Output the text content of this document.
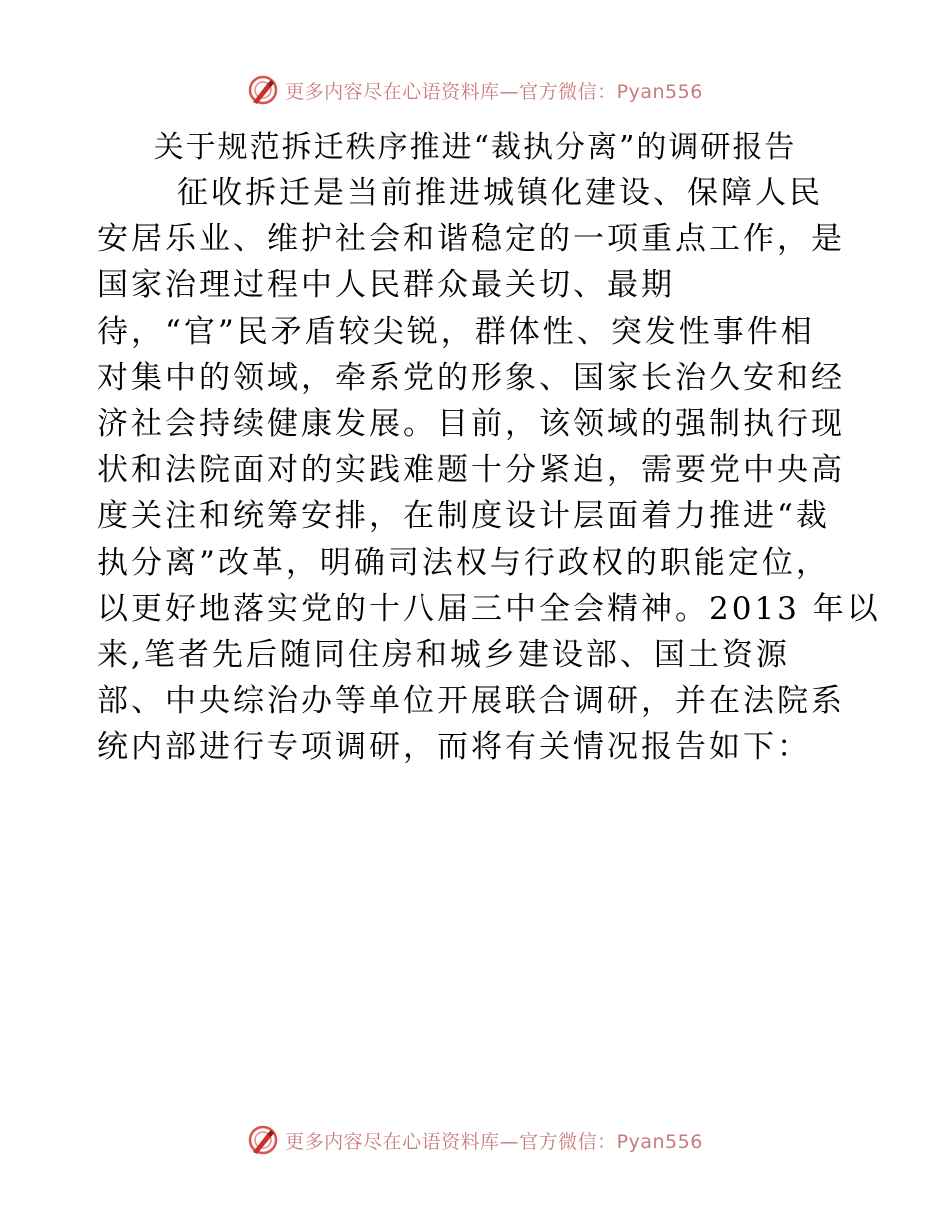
更多内容尽在心语资料库—官方微信：Pyan556
关于规范拆迁秩序推进“裁执分离”的调研报告
征收拆迁是当前推进城镇化建设、保障人民
安居乐业、维护社会和谐稳定的一项重点工作，是
国家治理过程中人民群众最关切、最期
待，“官”民矛盾较尖锐，群体性、突发性事件相
对集中的领域，牵系党的形象、国家长治久安和经
济社会持续健康发展。目前，该领域的强制执行现
状和法院面对的实践难题十分紧迫，需要党中央高
度关注和统筹安排，在制度设计层面着力推进“裁
执分离”改革，明确司法权与行政权的职能定位，
以更好地落实党的十八届三中全会精神。2013 年以
来,笔者先后随同住房和城乡建设部、国土资源
部、中央综治办等单位开展联合调研，并在法院系
统内部进行专项调研，而将有关情况报告如下：
更多内容尽在心语资料库—官方微信：Pyan556
